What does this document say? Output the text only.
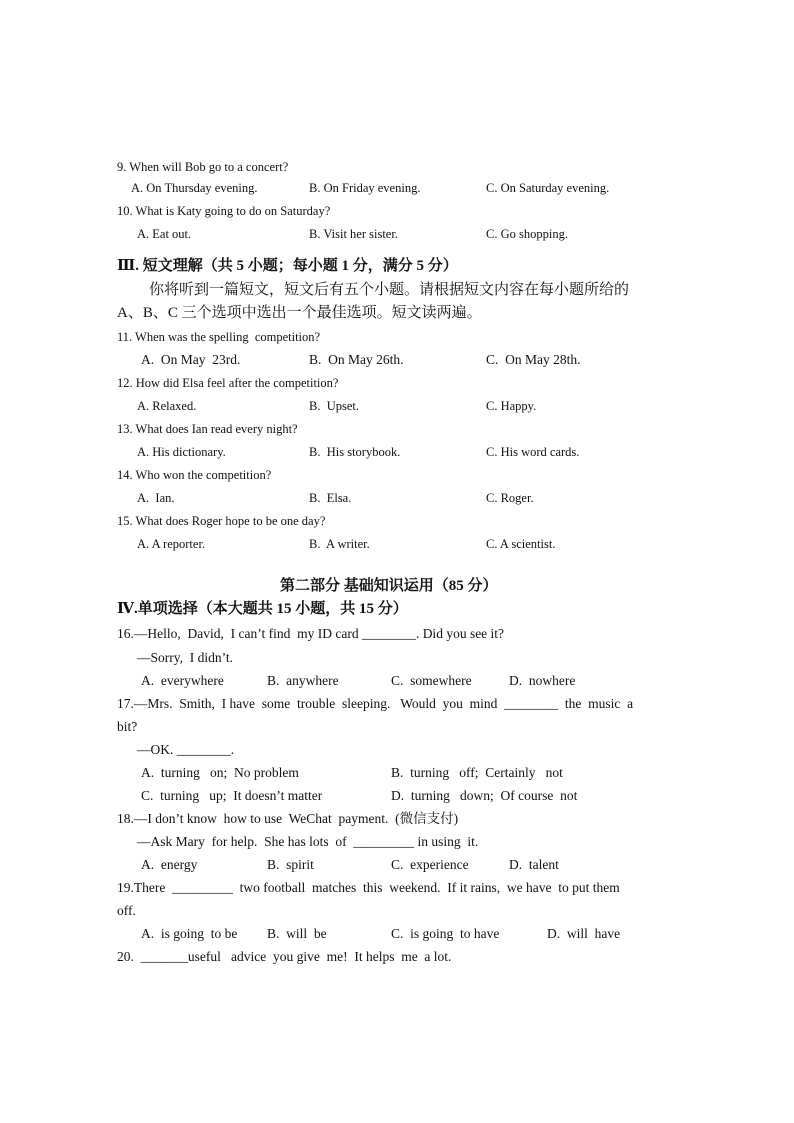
9. When will Bob go to a concert?
A. On Thursday evening.	B. On Friday evening.	C. On Saturday evening.
10. What is Katy going to do on Saturday?
A. Eat out.	B. Visit her sister.	C. Go shopping.
Ⅲ. 短文理解（共 5 小题；每小题 1 分，满分 5 分）
你将听到一篇短文，短文后有五个小题。请根据短文内容在每小题所给的
A、B、C 三个选项中选出一个最佳选项。短文读两遍。
11. When was the spelling  competition?
A.  On May  23rd.	B.  On May 26th.	C.  On May 28th.
12. How did Elsa feel after the competition?
A. Relaxed.	B.  Upset.	C. Happy.
13. What does Ian read every night?
A. His dictionary.	B.  His storybook.	C. His word cards.
14. Who won the competition?
A.  Ian.	B.  Elsa.	C. Roger.
15. What does Roger hope to be one day?
A. A reporter.	B.  A writer.	C. A scientist.
第二部分 基础知识运用（85 分）
Ⅳ.单项选择（本大题共 15 小题，共 15 分）
16.—Hello,  David,  I can’t find  my ID card ________. Did you see it?
—Sorry,  I didn’t.
A.  everywhere	B.  anywhere	C.  somewhere	D.  nowhere
17.—Mrs.  Smith,  I have  some  trouble  sleeping.   Would  you  mind  ________  the  music  a
bit?
—OK. ________.
A.  turning   on;  No problem	B.  turning   off;  Certainly   not
C.  turning   up;  It doesn’t matter	D.  turning   down;  Of course  not
18.—I don’t know  how to use  WeChat  payment.  (微信支付)
—Ask Mary  for help.  She has lots  of  _________ in using  it.
A.  energy	B.  spirit	C.  experience	D.  talent
19.There  _________  two football  matches  this  weekend.  If it rains,  we have  to put them
off.
A.  is going  to be B.  will  be	C.  is going  to have	D.  will  have
20.  _______useful   advice  you give  me!  It helps  me  a lot.
